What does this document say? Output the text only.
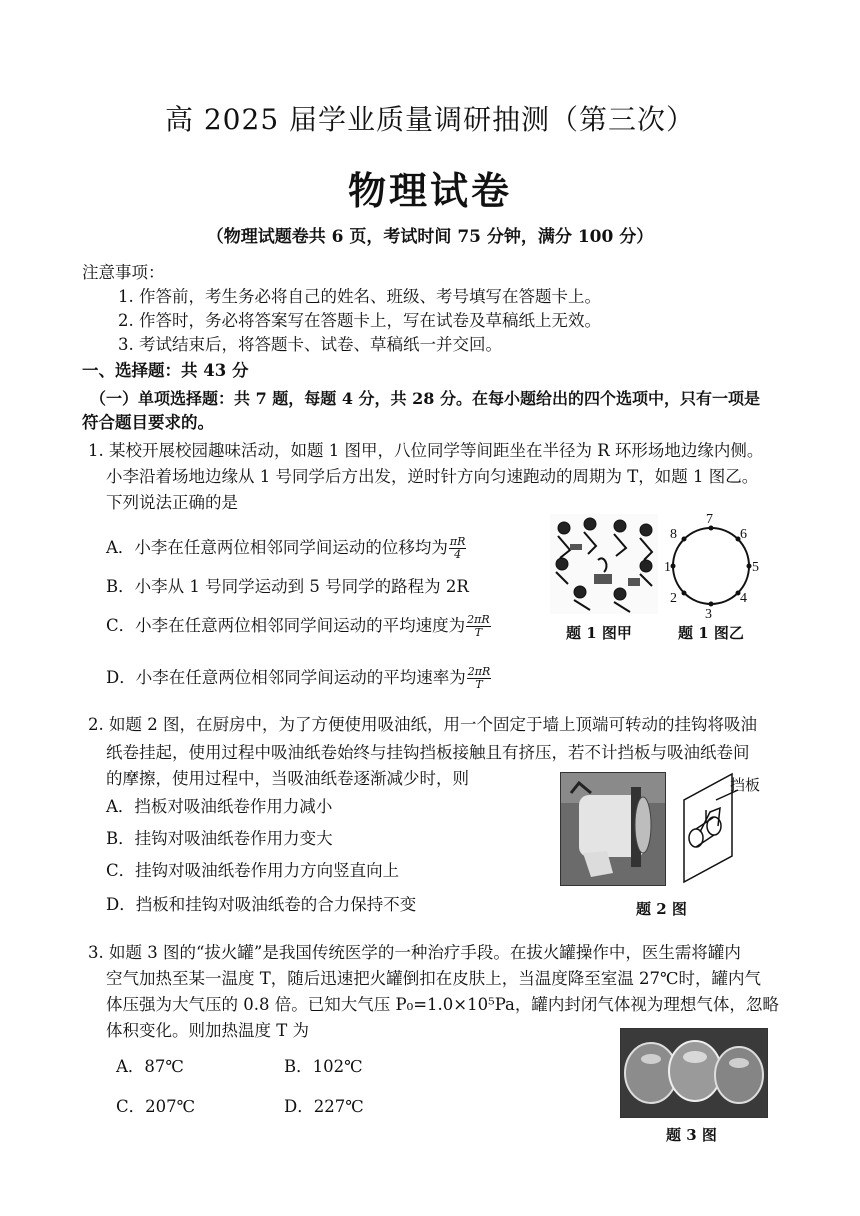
高 2025 届学业质量调研抽测（第三次）
物理试卷
（物理试题卷共 6 页，考试时间 75 分钟，满分 100 分）
注意事项：
1. 作答前，考生务必将自己的姓名、班级、考号填写在答题卡上。
2. 作答时，务必将答案写在答题卡上，写在试卷及草稿纸上无效。
3. 考试结束后，将答题卡、试卷、草稿纸一并交回。
一、选择题：共 43 分
（一）单项选择题：共 7 题，每题 4 分，共 28 分。在每小题给出的四个选项中，只有一项是
符合题目要求的。
1. 某校开展校园趣味活动，如题 1 图甲，八位同学等间距坐在半径为 R 环形场地边缘内侧。
小李沿着场地边缘从 1 号同学后方出发，逆时针方向匀速跑动的周期为 T，如题 1 图乙。
下列说法正确的是
A．小李在任意两位相邻同学间运动的位移均为 $\frac{\pi R}{4}$
B．小李从 1 号同学运动到 5 号同学的路程为 2R
C．小李在任意两位相邻同学间运动的平均速度为 $\frac{2\pi R}{T}$
D．小李在任意两位相邻同学间运动的平均速率为 $\frac{2\pi R}{T}$
题 1 图甲
1
2
3
4
5
6
7
8
题 1 图乙
2. 如题 2 图，在厨房中，为了方便使用吸油纸，用一个固定于墙上顶端可转动的挂钩将吸油
纸卷挂起，使用过程中吸油纸卷始终与挂钩挡板接触且有挤压，若不计挡板与吸油纸卷间
的摩擦，使用过程中，当吸油纸卷逐渐减少时，则
A．挡板对吸油纸卷作用力减小
B．挂钩对吸油纸卷作用力变大
C．挂钩对吸油纸卷作用力方向竖直向上
D．挡板和挂钩对吸油纸卷的合力保持不变
挡板
题 2 图
3. 如题 3 图的“拔火罐”是我国传统医学的一种治疗手段。在拔火罐操作中，医生需将罐内
空气加热至某一温度 T，随后迅速把火罐倒扣在皮肤上，当温度降至室温 27℃时，罐内气
体压强为大气压的 0.8 倍。已知大气压 P₀=1.0×10⁵Pa，罐内封闭气体视为理想气体，忽略
体积变化。则加热温度 T 为
A．87℃	B．102℃
C．207℃	D．227℃
题 3 图
